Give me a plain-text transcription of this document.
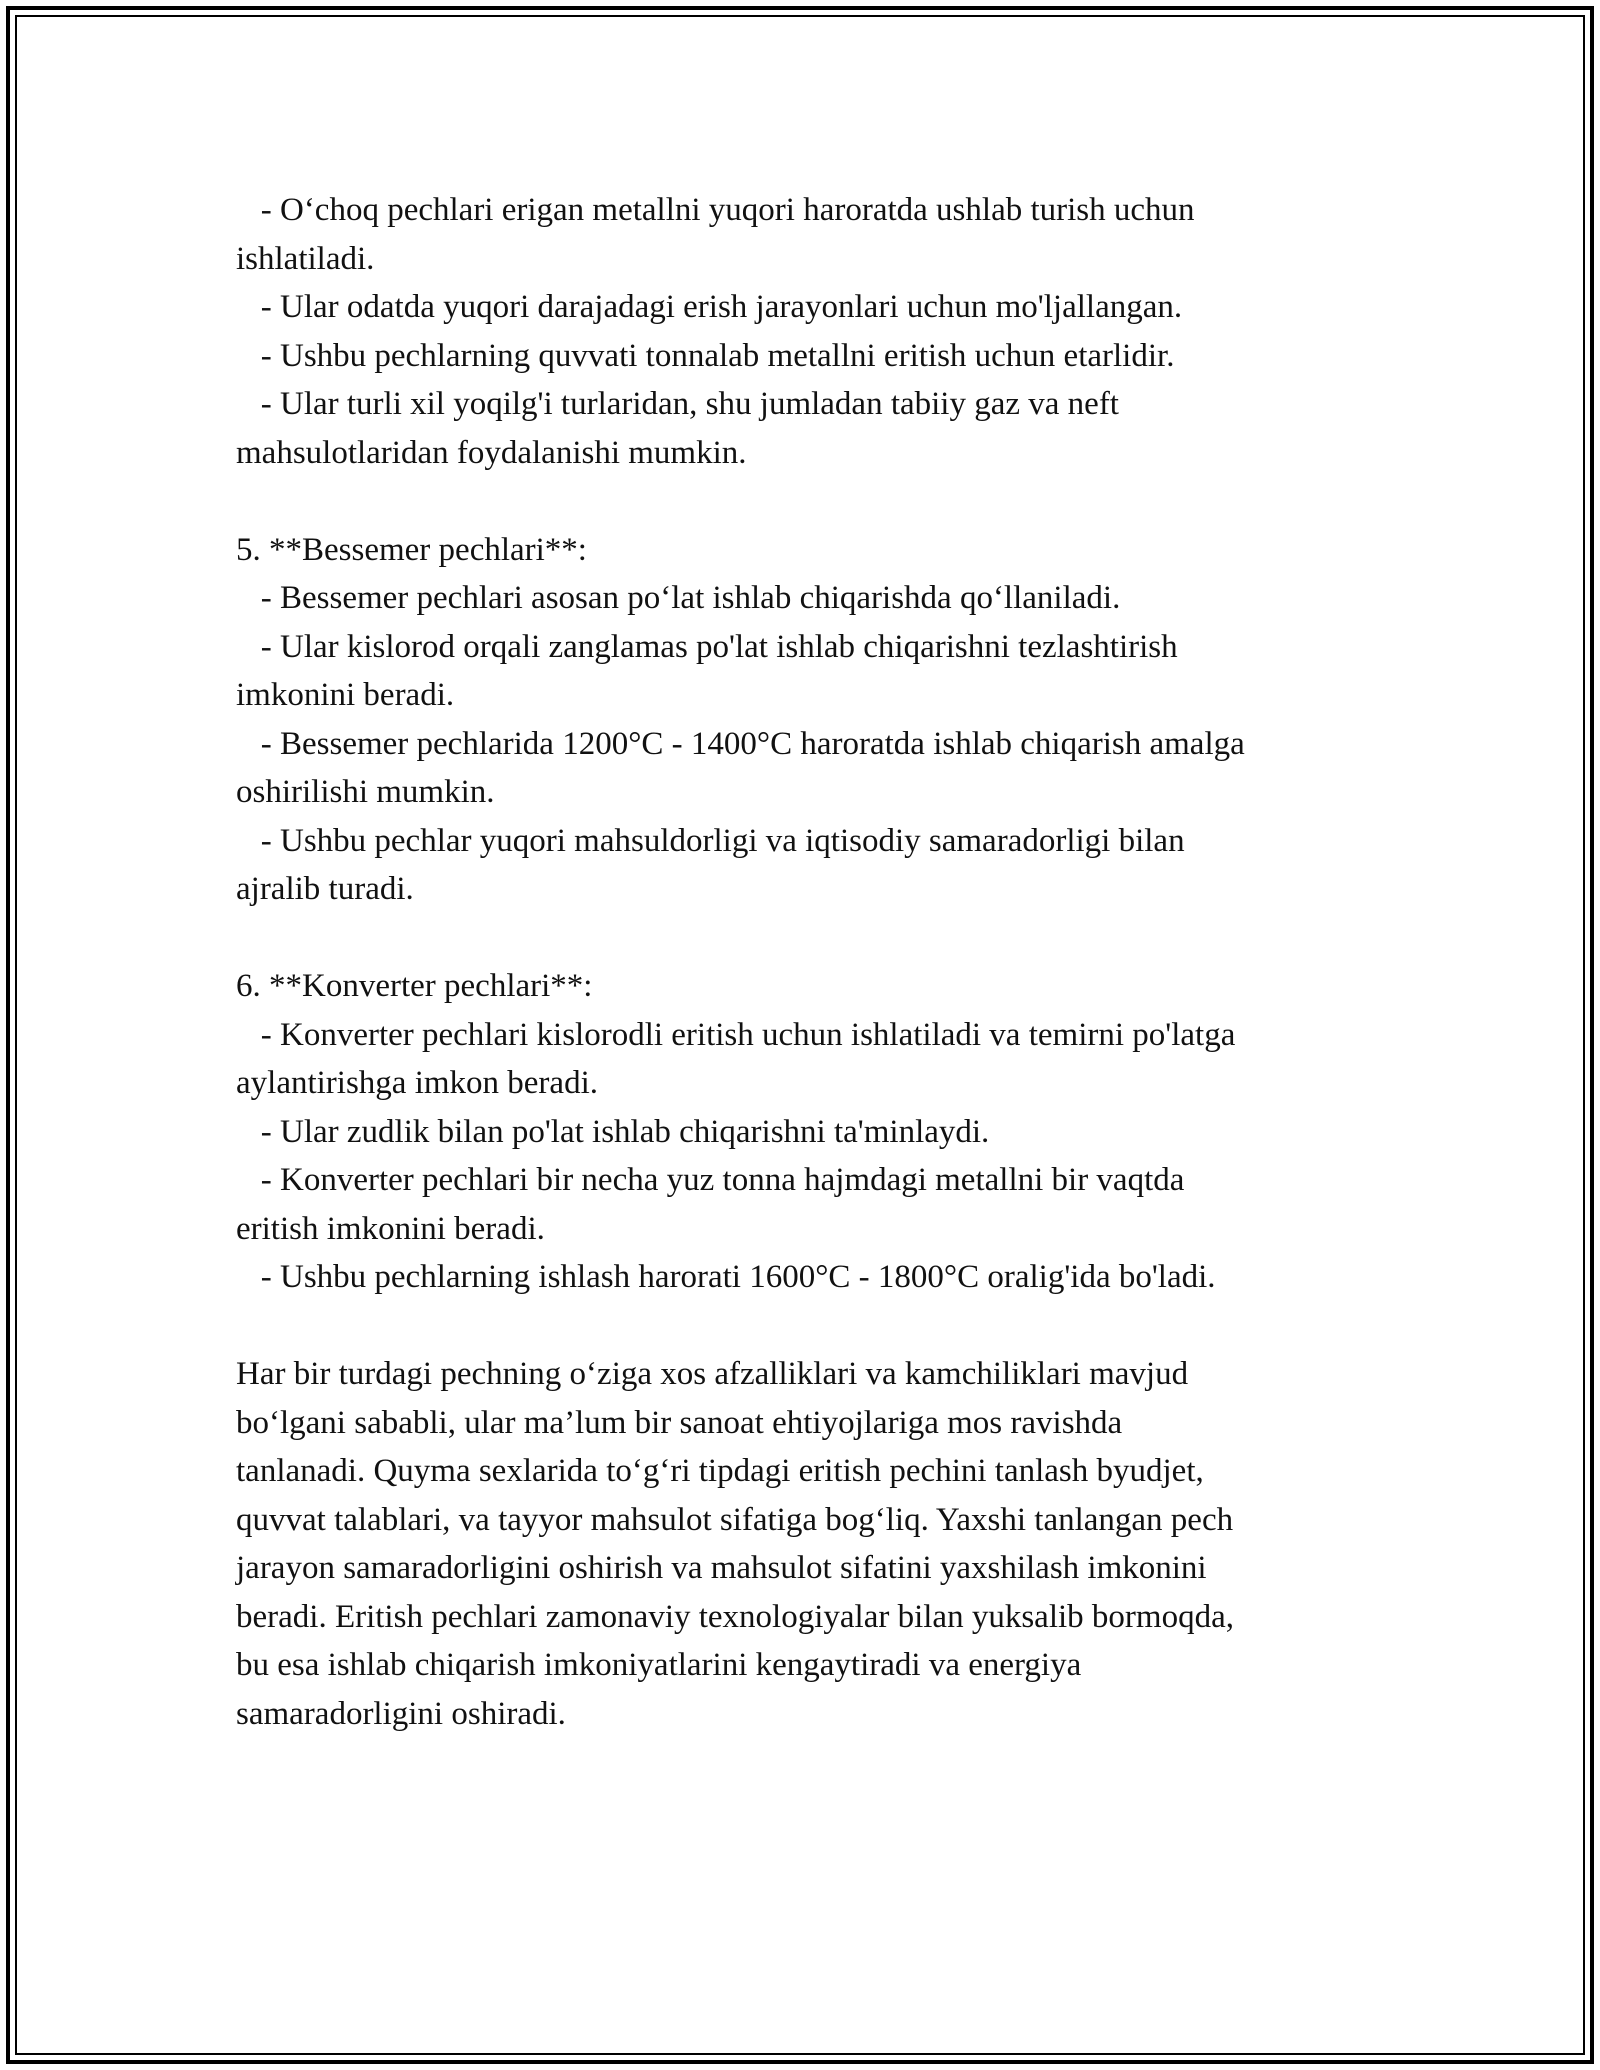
- O‘choq pechlari erigan metallni yuqori haroratda ushlab turish uchun
ishlatiladi.
- Ular odatda yuqori darajadagi erish jarayonlari uchun mo'ljallangan.
- Ushbu pechlarning quvvati tonnalab metallni eritish uchun etarlidir.
- Ular turli xil yoqilg'i turlaridan, shu jumladan tabiiy gaz va neft
mahsulotlaridan foydalanishi mumkin.
5. **Bessemer pechlari**:
- Bessemer pechlari asosan po‘lat ishlab chiqarishda qo‘llaniladi.
- Ular kislorod orqali zanglamas po'lat ishlab chiqarishni tezlashtirish
imkonini beradi.
- Bessemer pechlarida 1200°C - 1400°C haroratda ishlab chiqarish amalga
oshirilishi mumkin.
- Ushbu pechlar yuqori mahsuldorligi va iqtisodiy samaradorligi bilan
ajralib turadi.
6. **Konverter pechlari**:
- Konverter pechlari kislorodli eritish uchun ishlatiladi va temirni po'latga
aylantirishga imkon beradi.
- Ular zudlik bilan po'lat ishlab chiqarishni ta'minlaydi.
- Konverter pechlari bir necha yuz tonna hajmdagi metallni bir vaqtda
eritish imkonini beradi.
- Ushbu pechlarning ishlash harorati 1600°C - 1800°C oralig'ida bo'ladi.
Har bir turdagi pechning o‘ziga xos afzalliklari va kamchiliklari mavjud
bo‘lgani sababli, ular ma’lum bir sanoat ehtiyojlariga mos ravishda
tanlanadi. Quyma sexlarida to‘g‘ri tipdagi eritish pechini tanlash byudjet,
quvvat talablari, va tayyor mahsulot sifatiga bog‘liq. Yaxshi tanlangan pech
jarayon samaradorligini oshirish va mahsulot sifatini yaxshilash imkonini
beradi. Eritish pechlari zamonaviy texnologiyalar bilan yuksalib bormoqda,
bu esa ishlab chiqarish imkoniyatlarini kengaytiradi va energiya
samaradorligini oshiradi.
